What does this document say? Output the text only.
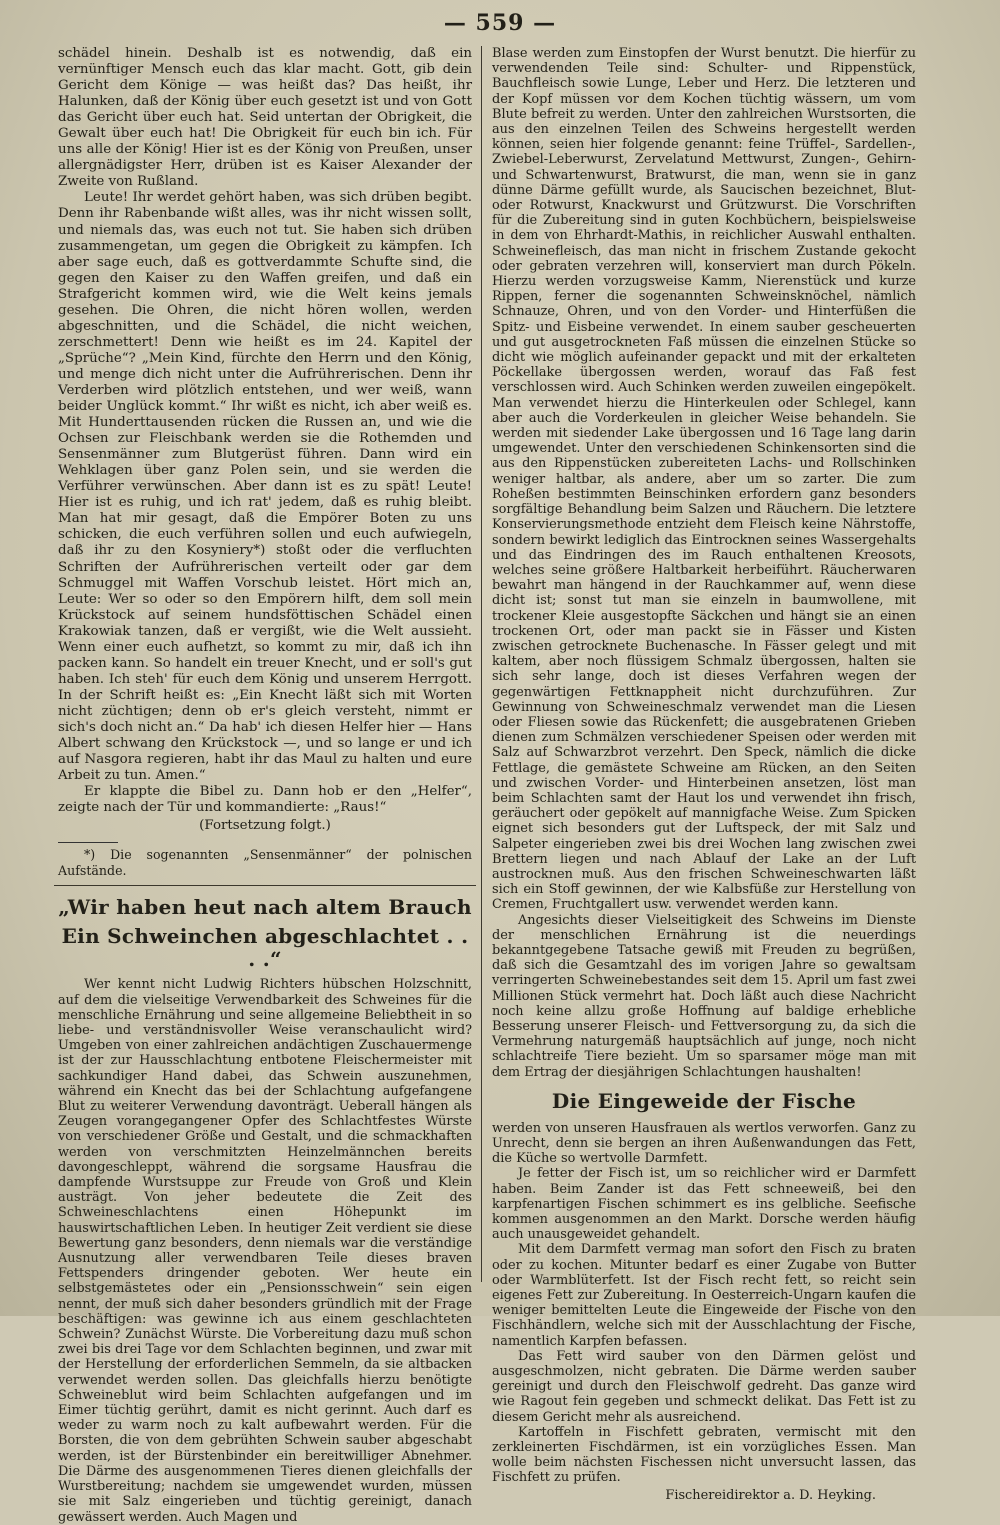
— 559 —

schädel hinein. Deshalb ist es notwendig, daß ein vernünftiger Mensch euch das klar macht. Gott, gib dein Gericht dem Könige — was heißt das? Das heißt, ihr Halunken, daß der König über euch gesetzt ist und von Gott das Gericht über euch hat. Seid untertan der Obrigkeit, die Gewalt über euch hat! Die Obrigkeit für euch bin ich. Für uns alle der König! Hier ist es der König von Preußen, unser allergnädigster Herr, drüben ist es Kaiser Alexander der Zweite von Rußland.

Leute! Ihr werdet gehört haben, was sich drüben begibt. Denn ihr Rabenbande wißt alles, was ihr nicht wissen sollt, und niemals das, was euch not tut. Sie haben sich drüben zusammengetan, um gegen die Obrigkeit zu kämpfen. Ich aber sage euch, daß es gottverdammte Schufte sind, die gegen den Kaiser zu den Waffen greifen, und daß ein Strafgericht kommen wird, wie die Welt keins jemals gesehen. Die Ohren, die nicht hören wollen, werden abgeschnitten, und die Schädel, die nicht weichen, zerschmettert! Denn wie heißt es im 24. Kapitel der „Sprüche“? „Mein Kind, fürchte den Herrn und den König, und menge dich nicht unter die Aufrührerischen. Denn ihr Verderben wird plötzlich entstehen, und wer weiß, wann beider Unglück kommt.“ Ihr wißt es nicht, ich aber weiß es. Mit Hunderttausenden rücken die Russen an, und wie die Ochsen zur Fleischbank werden sie die Rothemden und Sensenmänner zum Blutgerüst führen. Dann wird ein Wehklagen über ganz Polen sein, und sie werden die Verführer verwünschen. Aber dann ist es zu spät! Leute! Hier ist es ruhig, und ich rat' jedem, daß es ruhig bleibt. Man hat mir gesagt, daß die Empörer Boten zu uns schicken, die euch verführen sollen und euch aufwiegeln, daß ihr zu den Kosyniery*) stoßt oder die verfluchten Schriften der Aufrührerischen verteilt oder gar dem Schmuggel mit Waffen Vorschub leistet. Hört mich an, Leute: Wer so oder so den Empörern hilft, dem soll mein Krückstock auf seinem hundsföttischen Schädel einen Krakowiak tanzen, daß er vergißt, wie die Welt aussieht. Wenn einer euch aufhetzt, so kommt zu mir, daß ich ihn packen kann. So handelt ein treuer Knecht, und er soll's gut haben. Ich steh' für euch dem König und unserem Herrgott. In der Schrift heißt es: „Ein Knecht läßt sich mit Worten nicht züchtigen; denn ob er's gleich versteht, nimmt er sich's doch nicht an.“ Da hab' ich diesen Helfer hier — Hans Albert schwang den Krückstock —, und so lange er und ich auf Nasgora regieren, habt ihr das Maul zu halten und eure Arbeit zu tun. Amen.“

Er klappte die Bibel zu. Dann hob er den „Helfer“, zeigte nach der Tür und kommandierte: „Raus!“

(Fortsetzung folgt.)

*) Die sogenannten „Sensenmänner“ der polnischen Aufstände.

„Wir haben heut nach altem Brauch

Ein Schweinchen abgeschlachtet . . . .“

Wer kennt nicht Ludwig Richters hübschen Holzschnitt, auf dem die vielseitige Verwendbarkeit des Schweines für die menschliche Ernährung und seine allgemeine Beliebtheit in so liebe- und verständnisvoller Weise veranschaulicht wird? Umgeben von einer zahlreichen andächtigen Zuschauermenge ist der zur Hausschlachtung entbotene Fleischermeister mit sachkundiger Hand dabei, das Schwein auszunehmen, während ein Knecht das bei der Schlachtung aufgefangene Blut zu weiterer Verwendung davonträgt. Ueberall hängen als Zeugen vorangegangener Opfer des Schlachtfestes Würste von verschiedener Größe und Gestalt, und die schmackhaften werden von verschmitzten Heinzelmännchen bereits davongeschleppt, während die sorgsame Hausfrau die dampfende Wurstsuppe zur Freude von Groß und Klein austrägt. Von jeher bedeutete die Zeit des Schweineschlachtens einen Höhepunkt im hauswirtschaftlichen Leben. In heutiger Zeit verdient sie diese Bewertung ganz besonders, denn niemals war die verständige Ausnutzung aller verwendbaren Teile dieses braven Fettspenders dringender geboten. Wer heute ein selbstgemästetes oder ein „Pensionsschwein“ sein eigen nennt, der muß sich daher besonders gründlich mit der Frage beschäftigen: was gewinne ich aus einem geschlachteten Schwein? Zunächst Würste. Die Vorbereitung dazu muß schon zwei bis drei Tage vor dem Schlachten beginnen, und zwar mit der Herstellung der erforderlichen Semmeln, da sie altbacken verwendet werden sollen. Das gleichfalls hierzu benötigte Schweineblut wird beim Schlachten aufgefangen und im Eimer tüchtig gerührt, damit es nicht gerinnt. Auch darf es weder zu warm noch zu kalt aufbewahrt werden. Für die Borsten, die von dem gebrühten Schwein sauber abgeschabt werden, ist der Bürstenbinder ein bereitwilliger Abnehmer. Die Därme des ausgenommenen Tieres dienen gleichfalls der Wurstbereitung; nachdem sie umgewendet wurden, müssen sie mit Salz eingerieben und tüchtig gereinigt, danach gewässert werden. Auch Magen und

Blase werden zum Einstopfen der Wurst benutzt. Die hierfür zu verwendenden Teile sind: Schulter- und Rippenstück, Bauchfleisch sowie Lunge, Leber und Herz. Die letzteren und der Kopf müssen vor dem Kochen tüchtig wässern, um vom Blute befreit zu werden. Unter den zahlreichen Wurstsorten, die aus den einzelnen Teilen des Schweins hergestellt werden können, seien hier folgende genannt: feine Trüffel-, Sardellen-, Zwiebel-Leberwurst, Zervelatund Mettwurst, Zungen-, Gehirn- und Schwartenwurst, Bratwurst, die man, wenn sie in ganz dünne Därme gefüllt wurde, als Saucischen bezeichnet, Blut- oder Rotwurst, Knackwurst und Grützwurst. Die Vorschriften für die Zubereitung sind in guten Kochbüchern, beispielsweise in dem von Ehrhardt-Mathis, in reichlicher Auswahl enthalten. Schweinefleisch, das man nicht in frischem Zustande gekocht oder gebraten verzehren will, konserviert man durch Pökeln. Hierzu werden vorzugsweise Kamm, Nierenstück und kurze Rippen, ferner die sogenannten Schweinsknöchel, nämlich Schnauze, Ohren, und von den Vorder- und Hinterfüßen die Spitz- und Eisbeine verwendet. In einem sauber gescheuerten und gut ausgetrockneten Faß müssen die einzelnen Stücke so dicht wie möglich aufeinander gepackt und mit der erkalteten Pöckellake übergossen werden, worauf das Faß fest verschlossen wird. Auch Schinken werden zuweilen eingepökelt. Man verwendet hierzu die Hinterkeulen oder Schlegel, kann aber auch die Vorderkeulen in gleicher Weise behandeln. Sie werden mit siedender Lake übergossen und 16 Tage lang darin umgewendet. Unter den verschiedenen Schinkensorten sind die aus den Rippenstücken zubereiteten Lachs- und Rollschinken weniger haltbar, als andere, aber um so zarter. Die zum Roheßen bestimmten Beinschinken erfordern ganz besonders sorgfältige Behandlung beim Salzen und Räuchern. Die letztere Konservierungsmethode entzieht dem Fleisch keine Nährstoffe, sondern bewirkt lediglich das Eintrocknen seines Wassergehalts und das Eindringen des im Rauch enthaltenen Kreosots, welches seine größere Haltbarkeit herbeiführt. Räucherwaren bewahrt man hängend in der Rauchkammer auf, wenn diese dicht ist; sonst tut man sie einzeln in baumwollene, mit trockener Kleie ausgestopfte Säckchen und hängt sie an einen trockenen Ort, oder man packt sie in Fässer und Kisten zwischen getrocknete Buchenasche. In Fässer gelegt und mit kaltem, aber noch flüssigem Schmalz übergossen, halten sie sich sehr lange, doch ist dieses Verfahren wegen der gegenwärtigen Fettknappheit nicht durchzuführen. Zur Gewinnung von Schweineschmalz verwendet man die Liesen oder Fliesen sowie das Rückenfett; die ausgebratenen Grieben dienen zum Schmälzen verschiedener Speisen oder werden mit Salz auf Schwarzbrot verzehrt. Den Speck, nämlich die dicke Fettlage, die gemästete Schweine am Rücken, an den Seiten und zwischen Vorder- und Hinterbeinen ansetzen, löst man beim Schlachten samt der Haut los und verwendet ihn frisch, geräuchert oder gepökelt auf mannigfache Weise. Zum Spicken eignet sich besonders gut der Luftspeck, der mit Salz und Salpeter eingerieben zwei bis drei Wochen lang zwischen zwei Brettern liegen und nach Ablauf der Lake an der Luft austrocknen muß. Aus den frischen Schweineschwarten läßt sich ein Stoff gewinnen, der wie Kalbsfüße zur Herstellung von Cremen, Fruchtgallert usw. verwendet werden kann.

Angesichts dieser Vielseitigkeit des Schweins im Dienste der menschlichen Ernährung ist die neuerdings bekanntgegebene Tatsache gewiß mit Freuden zu begrüßen, daß sich die Gesamtzahl des im vorigen Jahre so gewaltsam verringerten Schweinebestandes seit dem 15. April um fast zwei Millionen Stück vermehrt hat. Doch läßt auch diese Nachricht noch keine allzu große Hoffnung auf baldige erhebliche Besserung unserer Fleisch- und Fettversorgung zu, da sich die Vermehrung naturgemäß hauptsächlich auf junge, noch nicht schlachtreife Tiere bezieht. Um so sparsamer möge man mit dem Ertrag der diesjährigen Schlachtungen haushalten!

Die Eingeweide der Fische

werden von unseren Hausfrauen als wertlos verworfen. Ganz zu Unrecht, denn sie bergen an ihren Außenwandungen das Fett, die Küche so wertvolle Darmfett.

Je fetter der Fisch ist, um so reichlicher wird er Darmfett haben. Beim Zander ist das Fett schneeweiß, bei den karpfenartigen Fischen schimmert es ins gelbliche. Seefische kommen ausgenommen an den Markt. Dorsche werden häufig auch unausgeweidet gehandelt.

Mit dem Darmfett vermag man sofort den Fisch zu braten oder zu kochen. Mitunter bedarf es einer Zugabe von Butter oder Warmblüterfett. Ist der Fisch recht fett, so reicht sein eigenes Fett zur Zubereitung. In Oesterreich-Ungarn kaufen die weniger bemittelten Leute die Eingeweide der Fische von den Fischhändlern, welche sich mit der Ausschlachtung der Fische, namentlich Karpfen befassen.

Das Fett wird sauber von den Därmen gelöst und ausgeschmolzen, nicht gebraten. Die Därme werden sauber gereinigt und durch den Fleischwolf gedreht. Das ganze wird wie Ragout fein gegeben und schmeckt delikat. Das Fett ist zu diesem Gericht mehr als ausreichend.

Kartoffeln in Fischfett gebraten, vermischt mit den zerkleinerten Fischdärmen, ist ein vorzügliches Essen. Man wolle beim nächsten Fischessen nicht unversucht lassen, das Fischfett zu prüfen.

Fischereidirektor a. D. Heyking.
